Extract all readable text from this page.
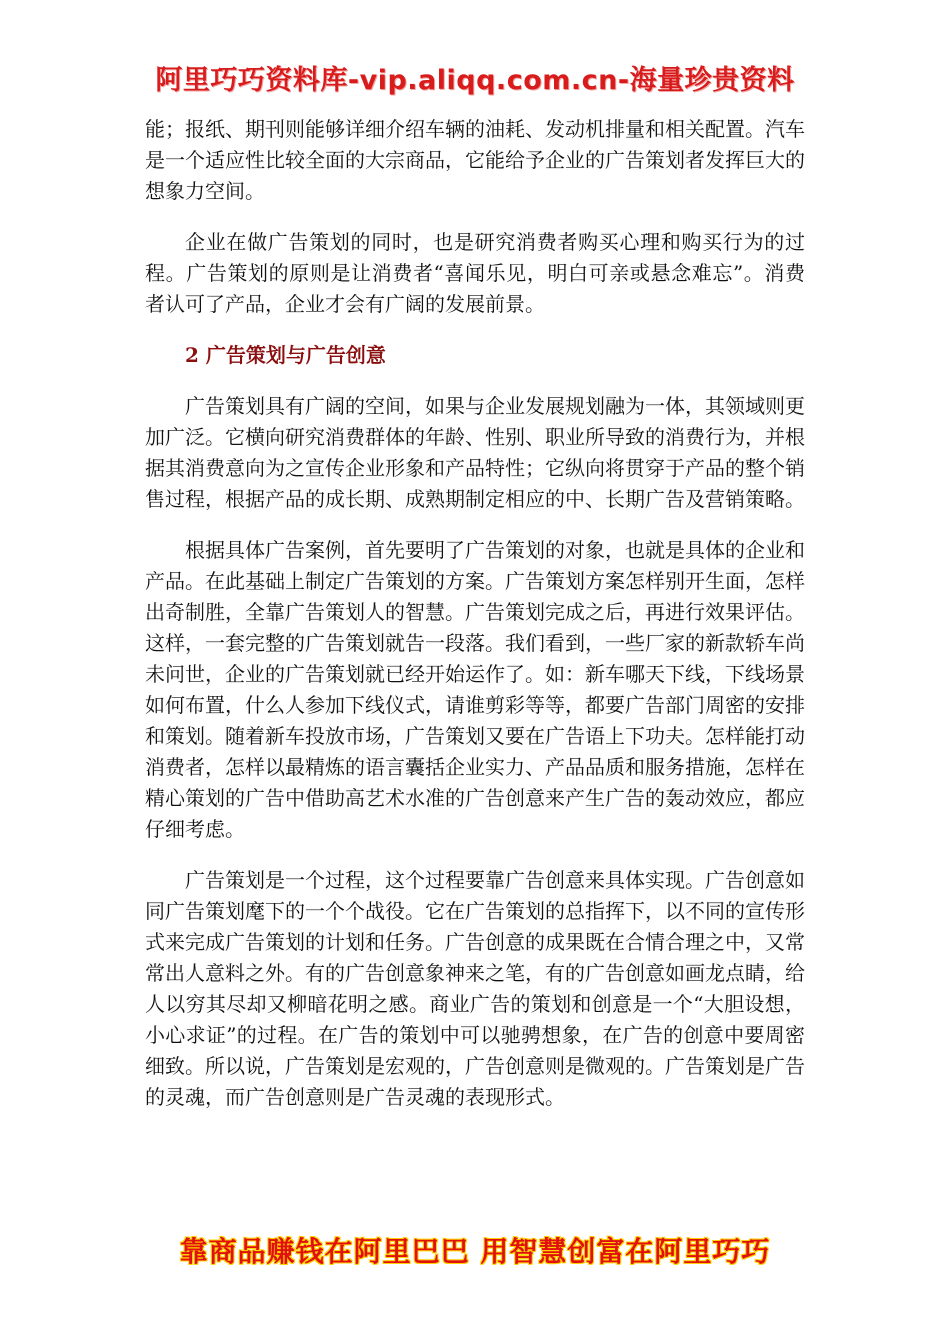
阿里巧巧资料库-vip.aliqq.com.cn-海量珍贵资料

能；报纸、期刊则能够详细介绍车辆的油耗、发动机排量和相关配置。汽车是一个适应性比较全面的大宗商品，它能给予企业的广告策划者发挥巨大的想象力空间。

企业在做广告策划的同时，也是研究消费者购买心理和购买行为的过程。广告策划的原则是让消费者“喜闻乐见，明白可亲或悬念难忘”。消费者认可了产品，企业才会有广阔的发展前景。

2 广告策划与广告创意

广告策划具有广阔的空间，如果与企业发展规划融为一体，其领域则更加广泛。它横向研究消费群体的年龄、性别、职业所导致的消费行为，并根据其消费意向为之宣传企业形象和产品特性；它纵向将贯穿于产品的整个销售过程，根据产品的成长期、成熟期制定相应的中、长期广告及营销策略。

根据具体广告案例，首先要明了广告策划的对象，也就是具体的企业和产品。在此基础上制定广告策划的方案。广告策划方案怎样别开生面，怎样出奇制胜，全靠广告策划人的智慧。广告策划完成之后，再进行效果评估。这样，一套完整的广告策划就告一段落。我们看到，一些厂家的新款轿车尚未问世，企业的广告策划就已经开始运作了。如：新车哪天下线，下线场景如何布置，什么人参加下线仪式，请谁剪彩等等，都要广告部门周密的安排和策划。随着新车投放市场，广告策划又要在广告语上下功夫。怎样能打动消费者，怎样以最精炼的语言囊括企业实力、产品品质和服务措施，怎样在精心策划的广告中借助高艺术水准的广告创意来产生广告的轰动效应，都应仔细考虑。

广告策划是一个过程，这个过程要靠广告创意来具体实现。广告创意如同广告策划麾下的一个个战役。它在广告策划的总指挥下，以不同的宣传形式来完成广告策划的计划和任务。广告创意的成果既在合情合理之中，又常常出人意料之外。有的广告创意象神来之笔，有的广告创意如画龙点睛，给人以穷其尽却又柳暗花明之感。商业广告的策划和创意是一个“大胆设想，小心求证”的过程。在广告的策划中可以驰骋想象，在广告的创意中要周密细致。所以说，广告策划是宏观的，广告创意则是微观的。广告策划是广告的灵魂，而广告创意则是广告灵魂的表现形式。

靠商品赚钱在阿里巴巴 用智慧创富在阿里巧巧
